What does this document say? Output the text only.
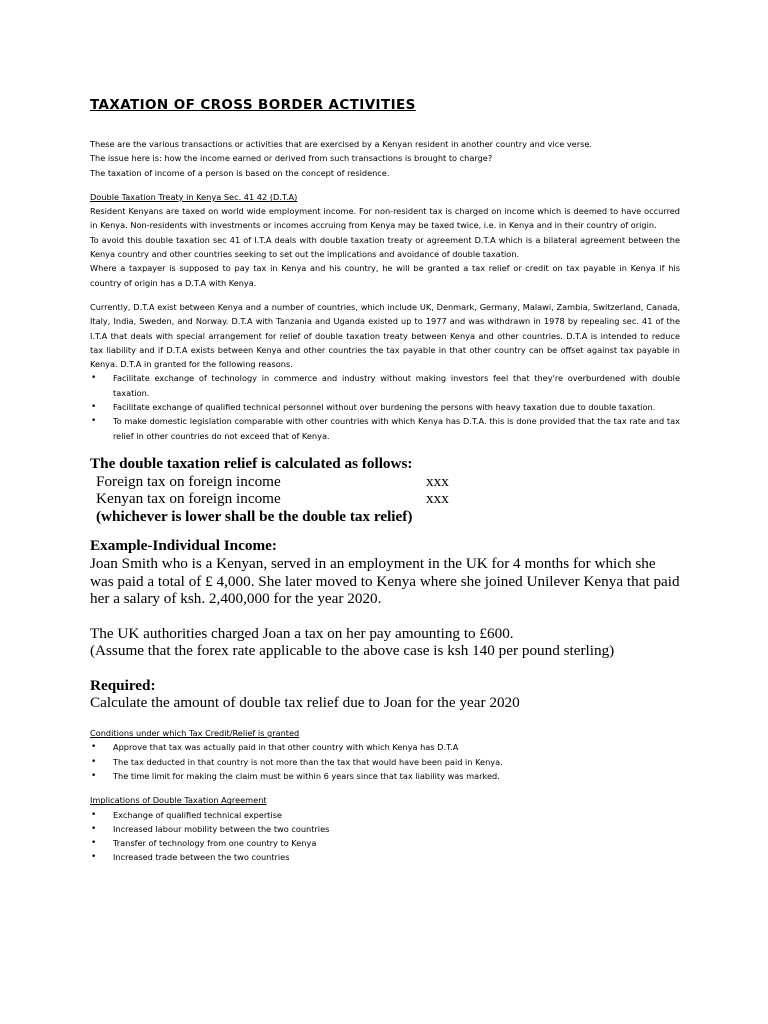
TAXATION OF CROSS BORDER ACTIVITIES

These are the various transactions or activities that are exercised by a Kenyan resident in another country and vice verse.

The issue here is: how the income earned or derived from such transactions is brought to charge?

The taxation of income of a person is based on the concept of residence.

Double Taxation Treaty in Kenya Sec. 41 42 (D.T.A)

Resident Kenyans are taxed on world wide employment income. For non-resident tax is charged on income which is deemed to have occurred in Kenya. Non-residents with investments or incomes accruing from Kenya may be taxed twice, i.e. in Kenya and in their country of origin.

To avoid this double taxation sec 41 of I.T.A deals with double taxation treaty or agreement D.T.A which is a bilateral agreement between the Kenya country and other countries seeking to set out the implications and avoidance of double taxation.

Where a taxpayer is supposed to pay tax in Kenya and his country, he will be granted a tax relief or credit on tax payable in Kenya if his country of origin has a D.T.A with Kenya.

Currently, D.T.A exist between Kenya and a number of countries, which include UK, Denmark, Germany, Malawi, Zambia, Switzerland, Canada, Italy, India, Sweden, and Norway. D.T.A with Tanzania and Uganda existed up to 1977 and was withdrawn in 1978 by repealing sec. 41 of the I.T.A that deals with special arrangement for relief of double taxation treaty between Kenya and other countries. D.T.A is intended to reduce tax liability and if D.T.A exists between Kenya and other countries the tax payable in that other country can be offset against tax payable in Kenya. D.T.A in granted for the following reasons.

• Facilitate exchange of technology in commerce and industry without making investors feel that they're overburdened with double taxation.
• Facilitate exchange of qualified technical personnel without over burdening the persons with heavy taxation due to double taxation.
• To make domestic legislation comparable with other countries with which Kenya has D.T.A. this is done provided that the tax rate and tax relief in other countries do not exceed that of Kenya.

The double taxation relief is calculated as follows:

Foreign tax on foreign income	xxx
Kenyan tax on foreign income	xxx

(whichever is lower shall be the double tax relief)

Example-Individual Income:

Joan Smith who is a Kenyan, served in an employment in the UK for 4 months for which she was paid a total of £ 4,000. She later moved to Kenya where she joined Unilever Kenya that paid her a salary of ksh. 2,400,000 for the year 2020.

The UK authorities charged Joan a tax on her pay amounting to £600.

(Assume that the forex rate applicable to the above case is ksh 140 per pound sterling)

Required:

Calculate the amount of double tax relief due to Joan for the year 2020

Conditions under which Tax Credit/Relief is granted

• Approve that tax was actually paid in that other country with which Kenya has D.T.A
• The tax deducted in that country is not more than the tax that would have been paid in Kenya.
• The time limit for making the claim must be within 6 years since that tax liability was marked.

Implications of Double Taxation Agreement

• Exchange of qualified technical expertise
• Increased labour mobility between the two countries
• Transfer of technology from one country to Kenya
• Increased trade between the two countries
